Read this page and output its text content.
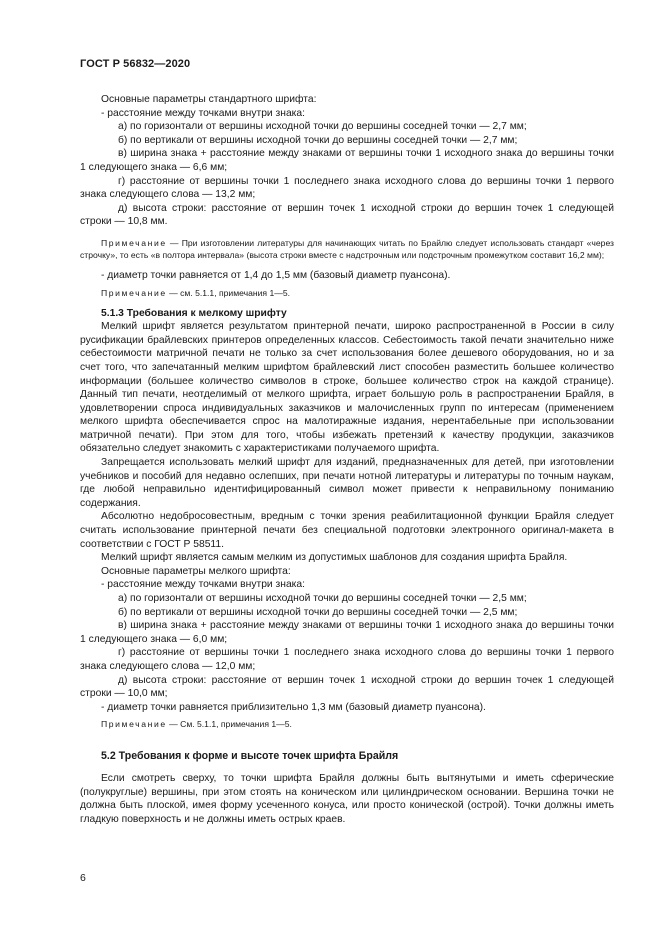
ГОСТ Р 56832—2020

Основные параметры стандартного шрифта:

- расстояние между точками внутри знака:

а) по горизонтали от вершины исходной точки до вершины соседней точки — 2,7 мм;

б) по вертикали от вершины исходной точки до вершины соседней точки — 2,7 мм;

в) ширина знака + расстояние между знаками от вершины точки 1 исходного знака до вершины точки 1 следующего знака — 6,6 мм;

г) расстояние от вершины точки 1 последнего знака исходного слова до вершины точки 1 первого знака следующего слова — 13,2 мм;

д) высота строки: расстояние от вершин точек 1 исходной строки до вершин точек 1 следующей строки — 10,8 мм.

Примечание — При изготовлении литературы для начинающих читать по Брайлю следует использовать стандарт «через строчку», то есть «в полтора интервала» (высота строки вместе с надстрочным или подстрочным промежутком составит 16,2 мм);

- диаметр точки равняется от 1,4 до 1,5 мм (базовый диаметр пуансона).

Примечание — см. 5.1.1, примечания 1—5.

5.1.3 Требования к мелкому шрифту

Мелкий шрифт является результатом принтерной печати, широко распространенной в России в силу русификации брайлевских принтеров определенных классов. Себестоимость такой печати значительно ниже себестоимости матричной печати не только за счет использования более дешевого оборудования, но и за счет того, что запечатанный мелким шрифтом брайлевский лист способен разместить большее количество информации (большее количество символов в строке, большее количество строк на каждой странице). Данный тип печати, неотделимый от мелкого шрифта, играет большую роль в распространении Брайля, в удовлетворении спроса индивидуальных заказчиков и малочисленных групп по интересам (применением мелкого шрифта обеспечивается спрос на малотиражные издания, нерентабельные при использовании матричной печати). При этом для того, чтобы избежать претензий к качеству продукции, заказчиков обязательно следует знакомить с характеристиками получаемого шрифта.

Запрещается использовать мелкий шрифт для изданий, предназначенных для детей, при изготовлении учебников и пособий для недавно ослепших, при печати нотной литературы и литературы по точным наукам, где любой неправильно идентифицированный символ может привести к неправильному пониманию содержания.

Абсолютно недобросовестным, вредным с точки зрения реабилитационной функции Брайля следует считать использование принтерной печати без специальной подготовки электронного оригинал-макета в соответствии с ГОСТ Р 58511.

Мелкий шрифт является самым мелким из допустимых шаблонов для создания шрифта Брайля.

Основные параметры мелкого шрифта:

- расстояние между точками внутри знака:

а) по горизонтали от вершины исходной точки до вершины соседней точки — 2,5 мм;

б) по вертикали от вершины исходной точки до вершины соседней точки — 2,5 мм;

в) ширина знака + расстояние между знаками от вершины точки 1 исходного знака до вершины точки 1 следующего знака — 6,0 мм;

г) расстояние от вершины точки 1 последнего знака исходного слова до вершины точки 1 первого знака следующего слова — 12,0 мм;

д) высота строки: расстояние от вершин точек 1 исходной строки до вершин точек 1 следующей строки — 10,0 мм;

- диаметр точки равняется приблизительно 1,3 мм (базовый диаметр пуансона).

Примечание — См. 5.1.1, примечания 1—5.

5.2 Требования к форме и высоте точек шрифта Брайля

Если смотреть сверху, то точки шрифта Брайля должны быть вытянутыми и иметь сферические (полукруглые) вершины, при этом стоять на коническом или цилиндрическом основании. Вершина точки не должна быть плоской, имея форму усеченного конуса, или просто конической (острой). Точки должны иметь гладкую поверхность и не должны иметь острых краев.

6
